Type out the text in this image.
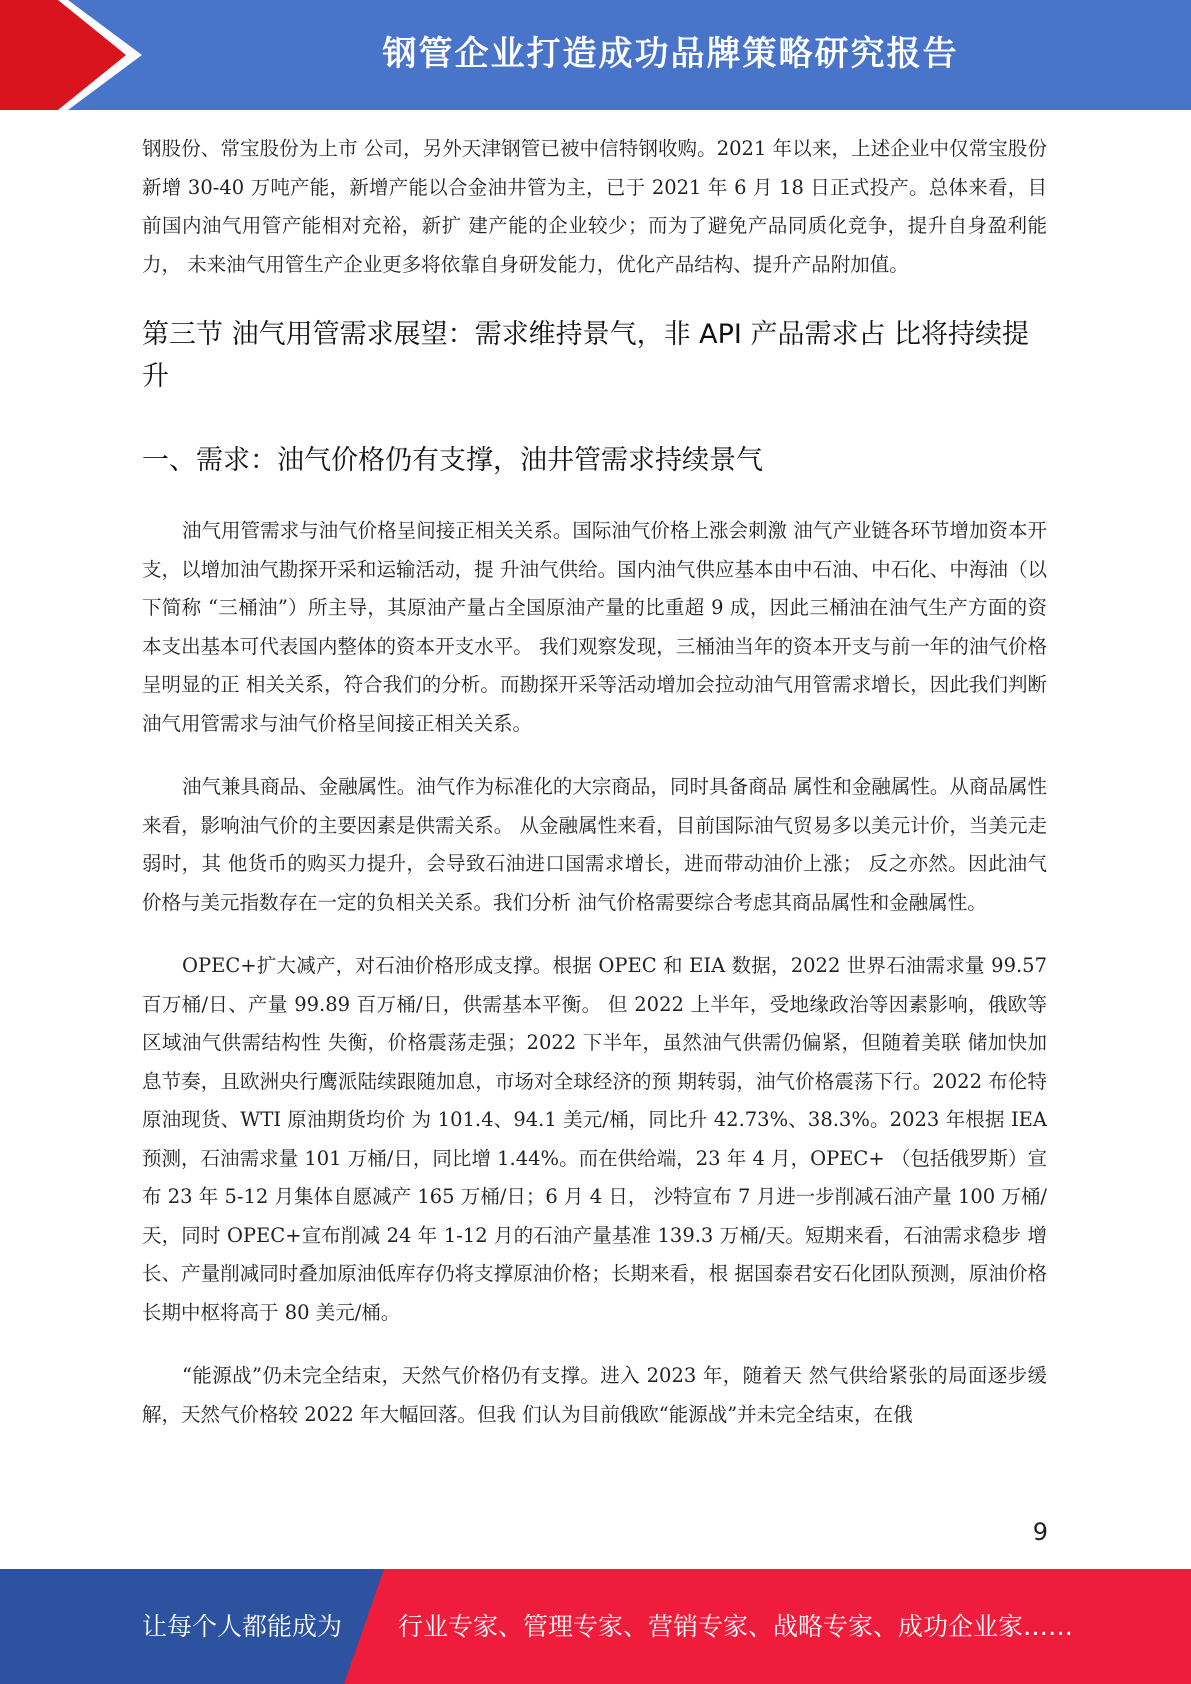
钢管企业打造成功品牌策略研究报告

钢股份、常宝股份为上市 公司，另外天津钢管已被中信特钢收购。2021 年以来，上述企业中仅常宝股份新增 30-40 万吨产能，新增产能以合金油井管为主，已于 2021 年 6 月 18 日正式投产。总体来看，目前国内油气用管产能相对充裕，新扩 建产能的企业较少；而为了避免产品同质化竞争，提升自身盈利能力， 未来油气用管生产企业更多将依靠自身研发能力，优化产品结构、提升产品附加值。

第三节 油气用管需求展望：需求维持景气，非 API 产品需求占 比将持续提升
一、需求：油气价格仍有支撑，油井管需求持续景气

油气用管需求与油气价格呈间接正相关关系。国际油气价格上涨会刺激 油气产业链各环节增加资本开支，以增加油气勘探开采和运输活动，提 升油气供给。国内油气供应基本由中石油、中石化、中海油（以下简称 “三桶油”）所主导，其原油产量占全国原油产量的比重超 9 成，因此三桶油在油气生产方面的资本支出基本可代表国内整体的资本开支水平。 我们观察发现，三桶油当年的资本开支与前一年的油气价格呈明显的正 相关关系，符合我们的分析。而勘探开采等活动增加会拉动油气用管需求增长，因此我们判断油气用管需求与油气价格呈间接正相关关系。

油气兼具商品、金融属性。油气作为标准化的大宗商品，同时具备商品 属性和金融属性。从商品属性来看，影响油气价的主要因素是供需关系。 从金融属性来看，目前国际油气贸易多以美元计价，当美元走弱时，其 他货币的购买力提升，会导致石油进口国需求增长，进而带动油价上涨； 反之亦然。因此油气价格与美元指数存在一定的负相关关系。我们分析 油气价格需要综合考虑其商品属性和金融属性。

OPEC+扩大减产，对石油价格形成支撑。根据 OPEC 和 EIA 数据，2022 世界石油需求量 99.57 百万桶/日、产量 99.89 百万桶/日，供需基本平衡。 但 2022 上半年，受地缘政治等因素影响，俄欧等区域油气供需结构性 失衡，价格震荡走强；2022 下半年，虽然油气供需仍偏紧，但随着美联 储加快加息节奏，且欧洲央行鹰派陆续跟随加息，市场对全球经济的预 期转弱，油气价格震荡下行。2022 布伦特原油现货、WTI 原油期货均价 为 101.4、94.1 美元/桶，同比升 42.73%、38.3%。2023 年根据 IEA 预测，石油需求量 101 万桶/日，同比增 1.44%。而在供给端，23 年 4 月，OPEC+ （包括俄罗斯）宣布 23 年 5-12 月集体自愿减产 165 万桶/日；6 月 4 日， 沙特宣布 7 月进一步削减石油产量 100 万桶/天，同时 OPEC+宣布削减 24 年 1-12 月的石油产量基准 139.3 万桶/天。短期来看，石油需求稳步 增长、产量削减同时叠加原油低库存仍将支撑原油价格；长期来看，根 据国泰君安石化团队预测，原油价格长期中枢将高于 80 美元/桶。

“能源战”仍未完全结束，天然气价格仍有支撑。进入 2023 年，随着天 然气供给紧张的局面逐步缓解，天然气价格较 2022 年大幅回落。但我 们认为目前俄欧“能源战”并未完全结束，在俄

9
让每个人都能成为 行业专家、管理专家、营销专家、战略专家、成功企业家……
